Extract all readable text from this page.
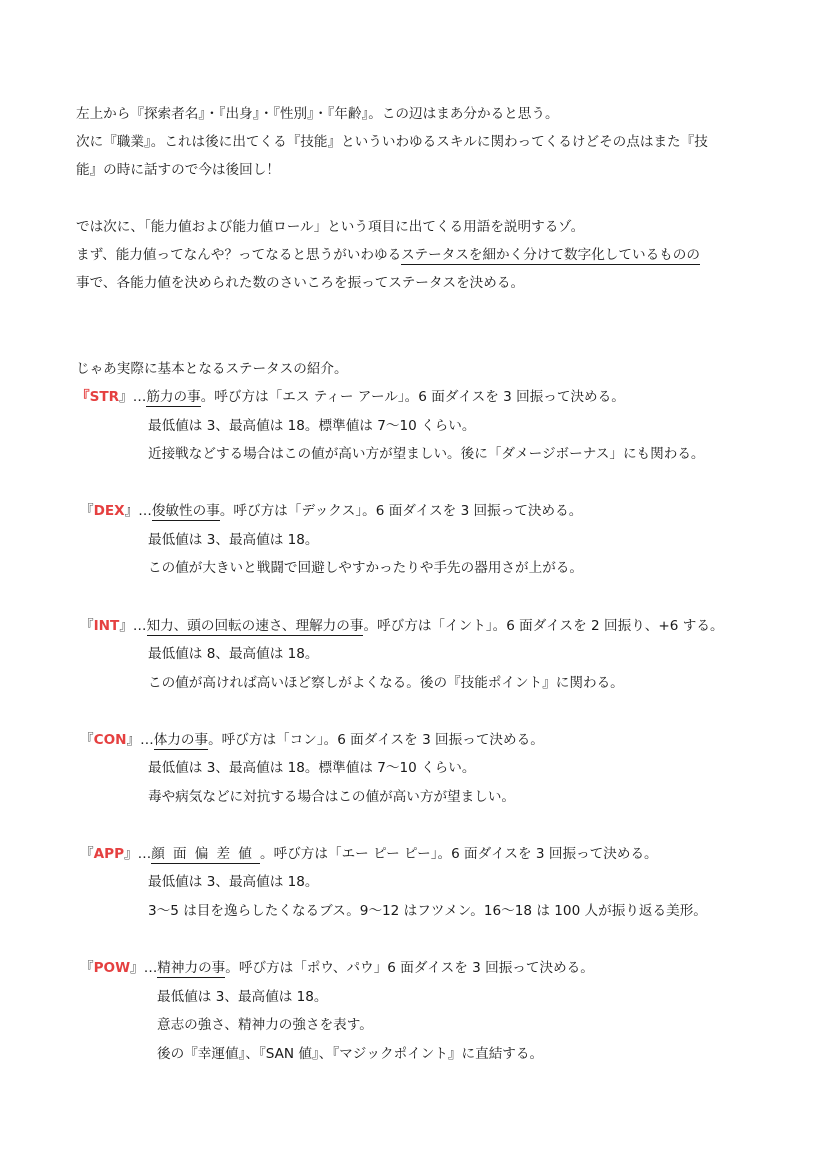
左上から『探索者名』・『出身』・『性別』・『年齢』。この辺はまあ分かると思う。
次に『職業』。これは後に出てくる『技能』といういわゆるスキルに関わってくるけどその点はまた『技
能』の時に話すので今は後回し！
では次に、「能力値および能力値ロール」という項目に出てくる用語を説明するゾ。
まず、能力値ってなんや？ってなると思うがいわゆるステータスを細かく分けて数字化しているものの
事で、各能力値を決められた数のさいころを振ってステータスを決める。
じゃあ実際に基本となるステータスの紹介。
『STR』…筋力の事。呼び方は「エス ティー アール」。6 面ダイスを 3 回振って決める。
最低値は 3、最高値は 18。標準値は 7〜10 くらい。
近接戦などする場合はこの値が高い方が望ましい。後に「ダメージボーナス」にも関わる。
『DEX』…俊敏性の事。呼び方は「デックス」。6 面ダイスを 3 回振って決める。
最低値は 3、最高値は 18。
この値が大きいと戦闘で回避しやすかったりや手先の器用さが上がる。
『INT』…知力、頭の回転の速さ、理解力の事。呼び方は「イント」。6 面ダイスを 2 回振り、+6 する。
最低値は 8、最高値は 18。
この値が高ければ高いほど察しがよくなる。後の『技能ポイント』に関わる。
『CON』…体力の事。呼び方は「コン」。6 面ダイスを 3 回振って決める。
最低値は 3、最高値は 18。標準値は 7〜10 くらい。
毒や病気などに対抗する場合はこの値が高い方が望ましい。
『APP』…顔面偏差値。呼び方は「エー ピー ピー」。6 面ダイスを 3 回振って決める。
最低値は 3、最高値は 18。
3〜5 は目を逸らしたくなるブス。9〜12 はフツメン。16〜18 は 100 人が振り返る美形。
『POW』…精神力の事。呼び方は「ポウ、パウ」6 面ダイスを 3 回振って決める。
最低値は 3、最高値は 18。
意志の強さ、精神力の強さを表す。
後の『幸運値』、『SAN 値』、『マジックポイント』に直結する。
